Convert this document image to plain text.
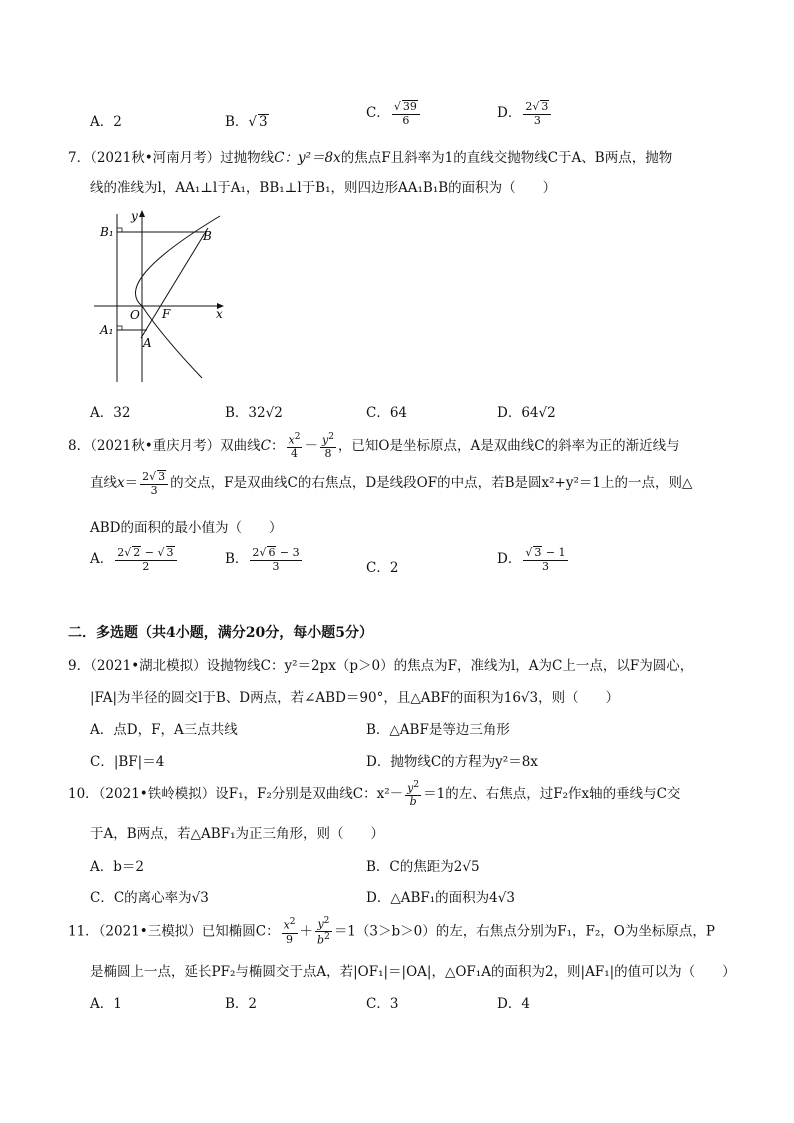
A．2	B．√ 3
C． $\frac{√ 39}{6}$	D． $\frac{2√ 3}{3}$
7．（2021秋•河南月考）过抛物线C：y²＝8x的焦点F且斜率为1的直线交抛物线C于A、B两点，抛物
线的准线为l，AA₁⊥l于A₁，BB₁⊥l于B₁，则四边形AA₁B₁B的面积为（　　）
y
x
B₁	B
O F
A₁
A
A．32	B．32√2	C．64	D．64√2
8．（2021秋•重庆月考）双曲线C： $\frac{x^2}{4} - \frac{y^2}{8}$ ，已知O是坐标原点，A是双曲线C的斜率为正的渐近线与
直线$x= \frac{2√ 3}{3}$ 的交点，F是双曲线C的右焦点，D是线段OF的中点，若B是圆x²+y²＝1上的一点，则△
ABD的面积的最小值为（　　）
A． $\frac{2√ 2 - √ 3}{2}$	B． $\frac{2√ 6 - 3}{3}$	C．2
D． $\frac{√ 3 - 1}{3}$
二．多选题（共4小题，满分20分，每小题5分）
9．（2021•湖北模拟）设抛物线C：y²＝2px（p＞0）的焦点为F，准线为l，A为C上一点，以F为圆心，
|FA|为半径的圆交l于B、D两点，若∠ABD＝90°，且△ABF的面积为16√3，则（　　）
A．点D，F，A三点共线	B．△ABF是等边三角形
C．|BF|＝4	D．抛物线C的方程为y²＝8x
10．（2021•铁岭模拟）设F₁，F₂分别是双曲线C：$x^2- \frac{y^2}{b} =1$的左、右焦点，过F₂作x轴的垂线与C交
于A，B两点，若△ABF₁为正三角形，则（　　）
A．b＝2	B．C的焦距为2√5
C．C的离心率为√3	D．△ABF₁的面积为4√3
11．（2021•三模拟）已知椭圆C： $\frac{x^2}{9} + \frac{y^2}{b^2} =1(3>b>0)$的左，右焦点分别为F₁，F₂，O为坐标原点，P
是椭圆上一点，延长PF₂与椭圆交于点A，若|OF₁|＝|OA|，△OF₁A的面积为2，则|AF₁|的值可以为（　　）
A．1	B．2	C．3	D．4
